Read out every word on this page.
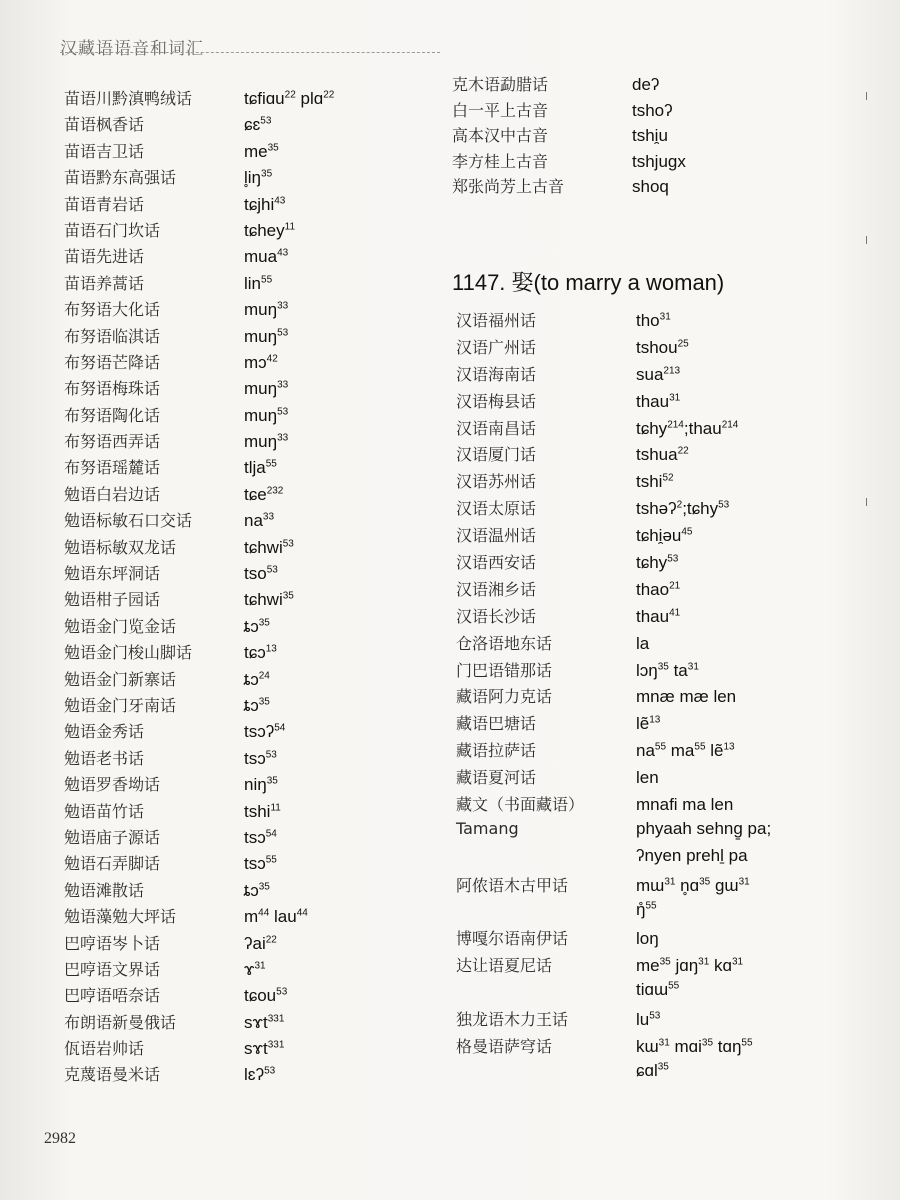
汉藏语语音和词汇
苗语川黔滇鸭绒话	tɕfiɑu$^{22}$ plɑ$^{22}$
苗语枫香话	ɕɛ$^{53}$
苗语吉卫话	$me^{35}$
苗语黔东高强话	$l̥iŋ^{35}$
苗语青岩话	tɕjhi$^{43}$
苗语石门坎话	tɕhey$^{11}$
苗语先进话	mua$^{43}$
苗语养蒿话	lin$^{55}$
布努语大化话	muŋ$^{33}$
布努语临淇话	muŋ$^{53}$
布努语芒降话	mɔ$^{42}$
布努语梅珠话	muŋ$^{33}$
布努语陶化话	muŋ$^{53}$
布努语西弄话	muŋ$^{33}$
布努语瑶麓话	tlja$^{55}$
勉语白岩边话	tɕe$^{232}$
勉语标敏石口交话	$na^{33}$
勉语标敏双龙话	tɕhwi$^{53}$
勉语东坪洞话	tso$^{53}$
勉语柑子园话	tɕhwi$^{35}$
勉语金门览金话	ȶɔ$^{35}$
勉语金门梭山脚话	tɕɔ$^{13}$
勉语金门新寨话	ȶɔ$^{24}$
勉语金门牙南话	ȶɔ$^{35}$
勉语金秀话	tsɔʔ$^{54}$
勉语老书话	tsɔ$^{53}$
勉语罗香坳话	niŋ$^{35}$
勉语苗竹话	tshi$^{11}$
勉语庙子源话	tsɔ$^{54}$
勉语石弄脚话	tsɔ$^{55}$
勉语滩散话	ȶɔ$^{35}$
勉语藻勉大坪话	$m^{44}$ lau$^{44}$
巴哼语岑卜话	ʔai$^{22}$
巴哼语文界话	ɤ$^{31}$
巴哼语唔奈话	tɕou$^{53}$
布朗语新曼俄话	sɤt$^{331}$
佤语岩帅话	sɤt$^{331}$
克蔑语曼米话	lɛʔ$^{53}$
克木语勐腊话	deʔ
白一平上古音	tshoʔ
高本汉中古音	tshi̯u
李方桂上古音	tshjugx
郑张尚芳上古音	shoq
1147. 娶(to marry a woman)
汉语福州话	tho$^{31}$
汉语广州话	tshou$^{25}$
汉语海南话	sua$^{213}$
汉语梅县话	thau$^{31}$
汉语南昌话	tɕhy$^{214}$;thau$^{214}$
汉语厦门话	tshua$^{22}$
汉语苏州话	tshi$^{52}$
汉语太原话	tshəʔ$^2$;tɕhy$^{53}$
汉语温州话	tɕhi̯əu$^{45}$
汉语西安话	tɕhy$^{53}$
汉语湘乡话	thao$^{21}$
汉语长沙话	thau$^{41}$
仓洛语地东话	la
门巴语错那话	lɔŋ$^{35}$ $ta^{31}$
藏语阿力克话	mnæ mæ len
藏语巴塘话	lẽ$^{13}$
藏语拉萨话	$na^{55}$ $ma^{55}$ lẽ$^{13}$
藏语夏河话	len
藏文（书面藏语）	mnafi ma len
Tamang	phyaah sehng̱ pa;
ʔnyen prehḻ pa
阿侬语木古甲话	mɯ$^{31}$ n̥ɑ$^{35}$ gɯ$^{31}$
ŋ̊$^{55}$
博嘎尔语南伊话	loŋ
达让语夏尼话	$me^{35}$ jɑŋ$^{31}$ kɑ$^{31}$
tiɑɯ$^{55}$
独龙语木力王话	$lu^{53}$
格曼语萨穹话	kɯ$^{31}$ mɑi$^{35}$ tɑŋ$^{55}$
ɕɑl$^{35}$
2982
